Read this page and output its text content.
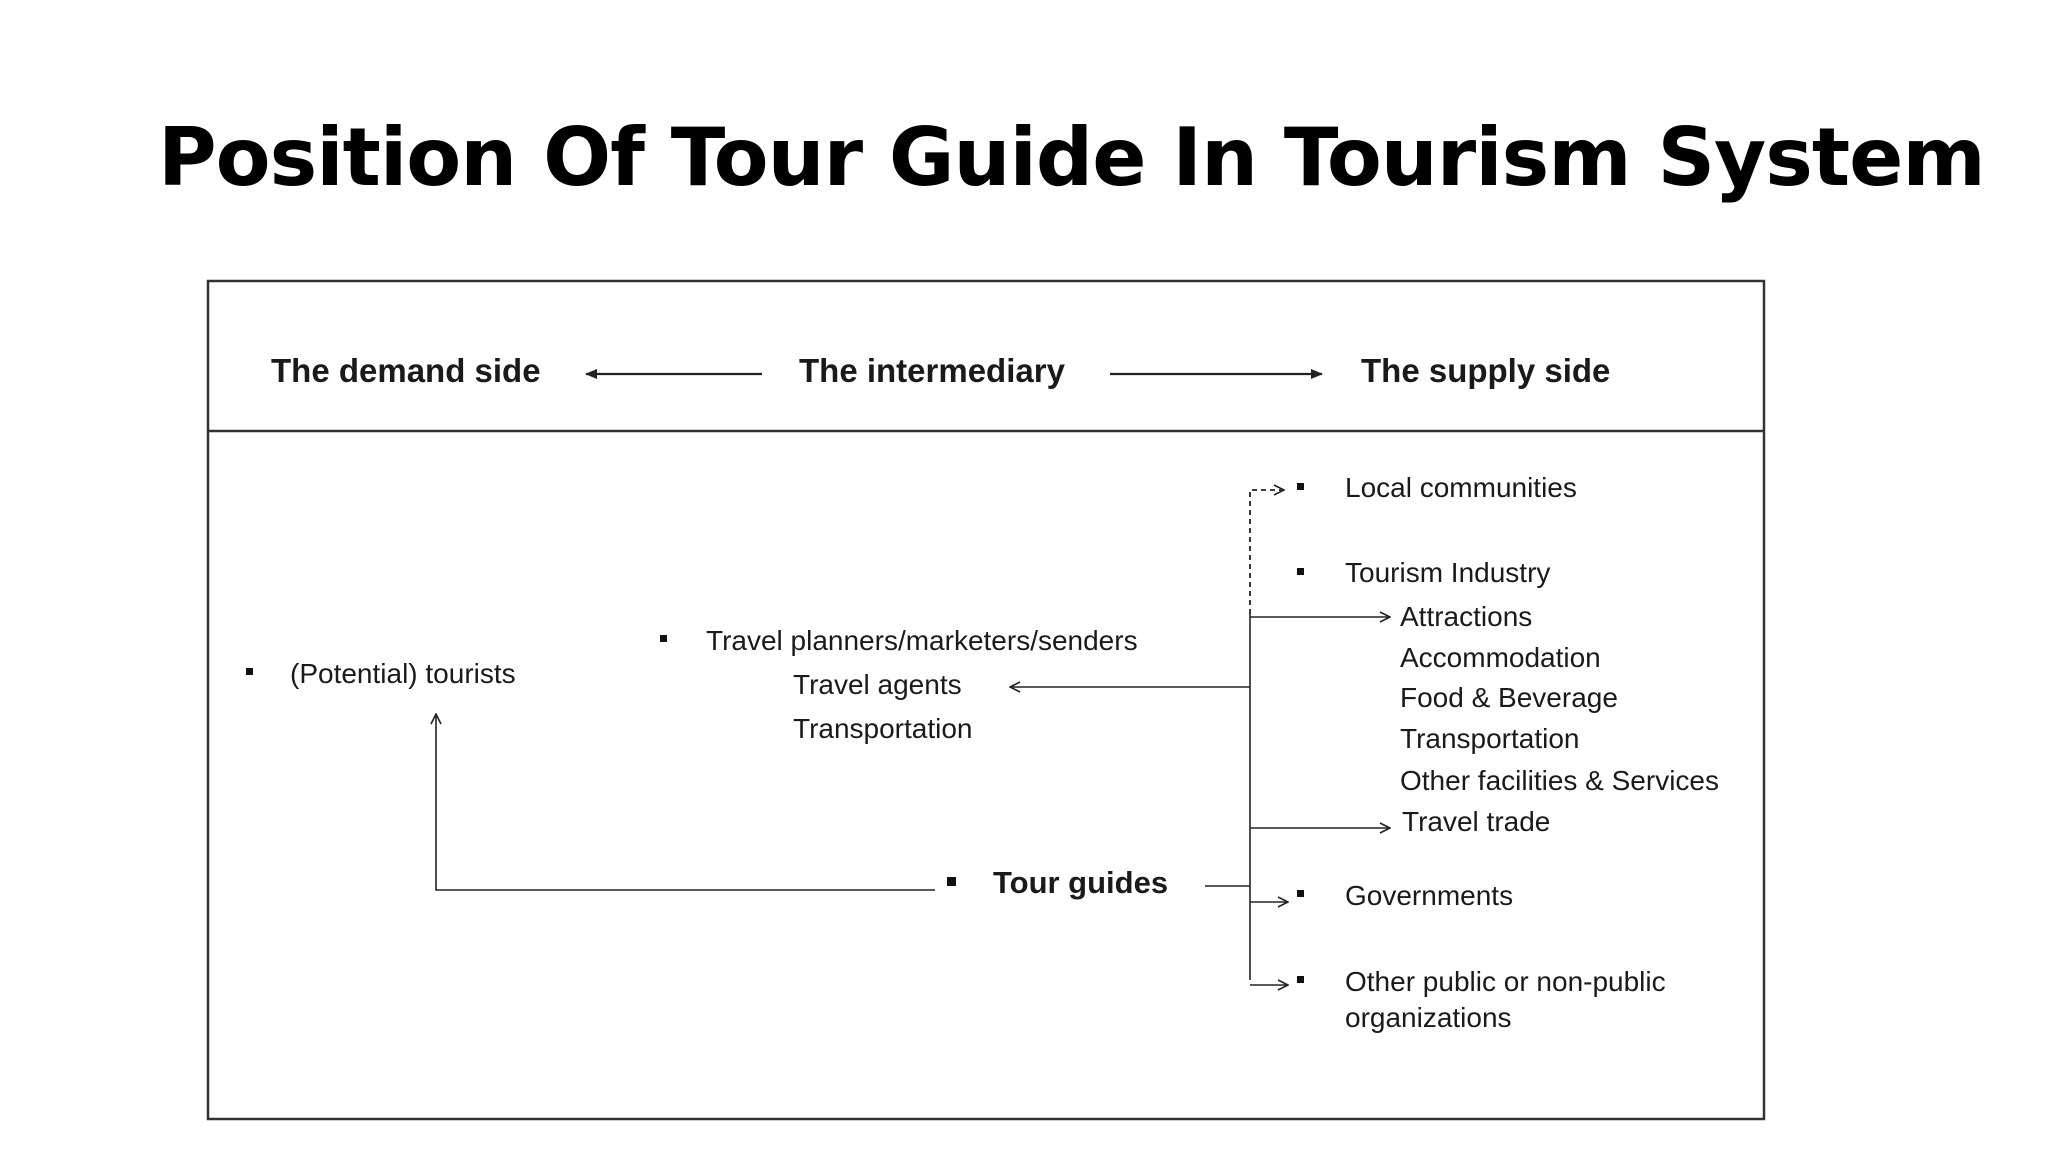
Position Of Tour Guide In Tourism System
The demand side	The intermediary	The supply side
(Potential) tourists
Travel planners/marketers/senders
Travel agents
Transportation
Tour guides
Local communities
Tourism Industry
Attractions
Accommodation
Food & Beverage
Transportation
Other facilities & Services
Travel trade
Governments
Other public or non-public
organizations
